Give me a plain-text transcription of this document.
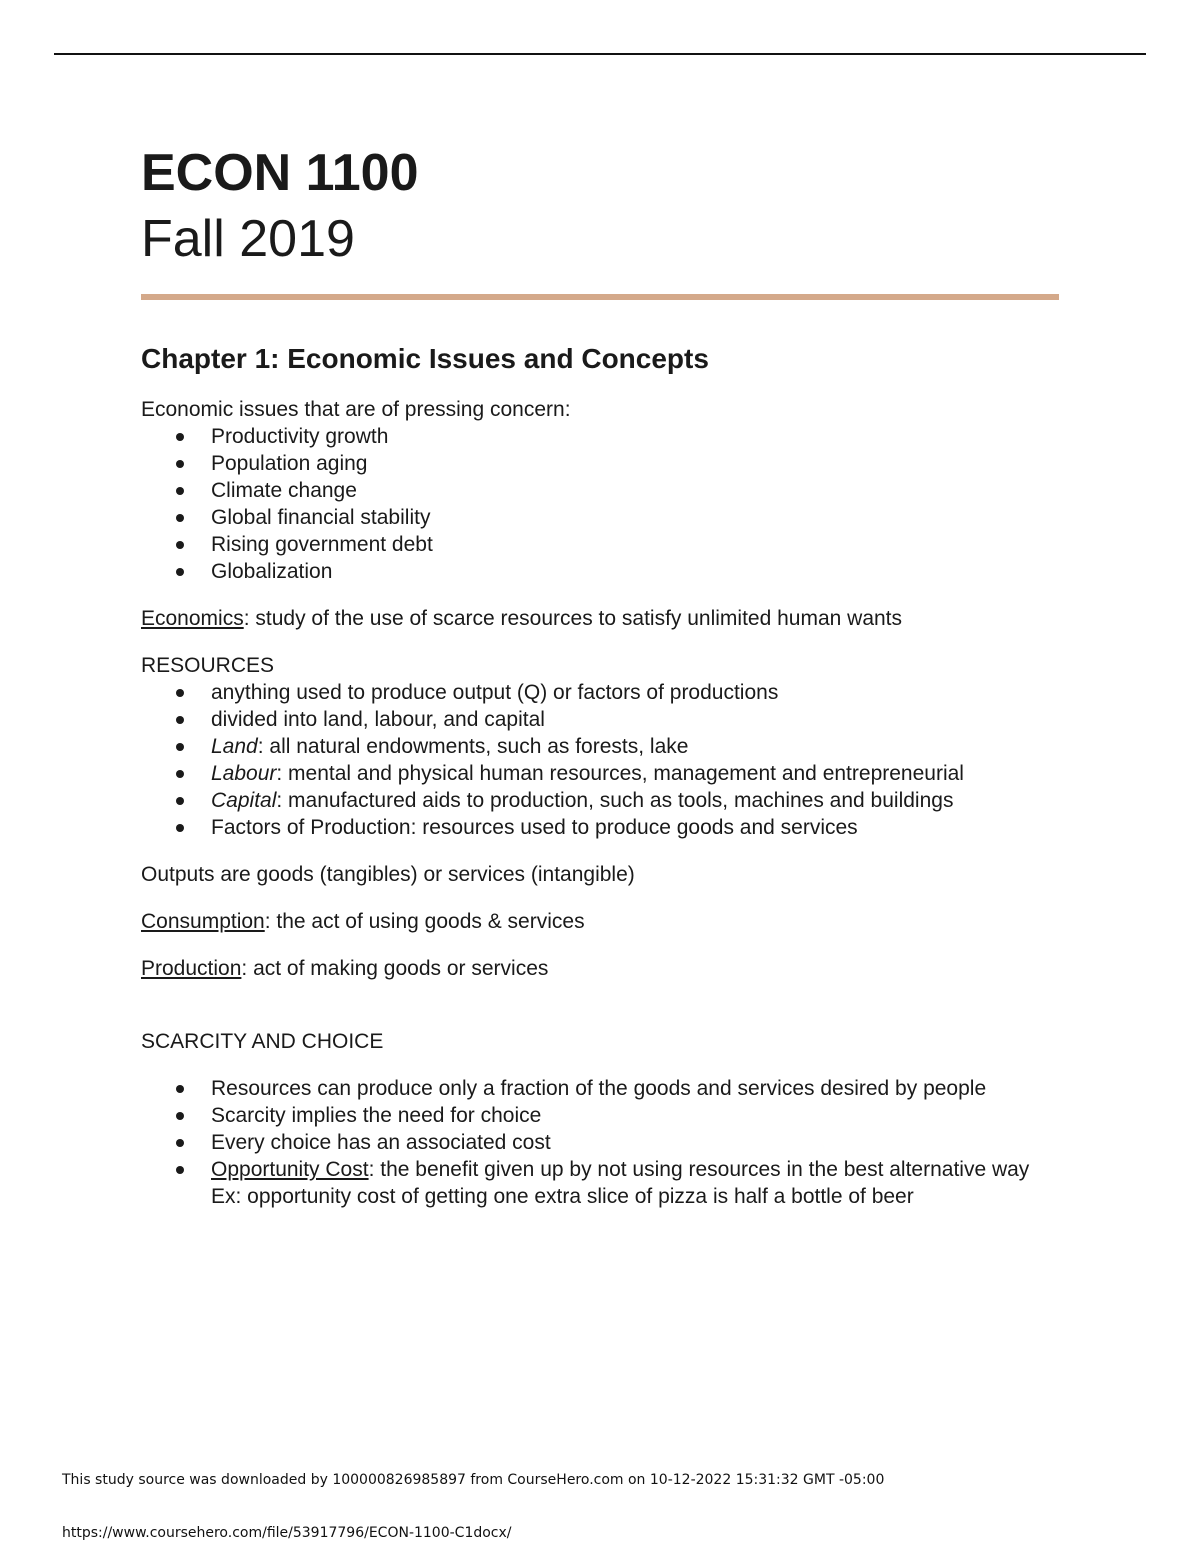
ECON 1100

Fall 2019

Chapter 1: Economic Issues and Concepts

Economic issues that are of pressing concern:

Productivity growth
Population aging
Climate change
Global financial stability
Rising government debt
Globalization

Economics: study of the use of scarce resources to satisfy unlimited human wants

RESOURCES

anything used to produce output (Q) or factors of productions
divided into land, labour, and capital
Land: all natural endowments, such as forests, lake
Labour: mental and physical human resources, management and entrepreneurial
Capital: manufactured aids to production, such as tools, machines and buildings
Factors of Production: resources used to produce goods and services

Outputs are goods (tangibles) or services (intangible)

Consumption: the act of using goods & services

Production: act of making goods or services

SCARCITY AND CHOICE

Resources can produce only a fraction of the goods and services desired by people
Scarcity implies the need for choice
Every choice has an associated cost
Opportunity Cost: the benefit given up by not using resources in the best alternative way
Ex: opportunity cost of getting one extra slice of pizza is half a bottle of beer
This study source was downloaded by 100000826985897 from CourseHero.com on 10-12-2022 15:31:32 GMT -05:00
https://www.coursehero.com/file/53917796/ECON-1100-C1docx/
